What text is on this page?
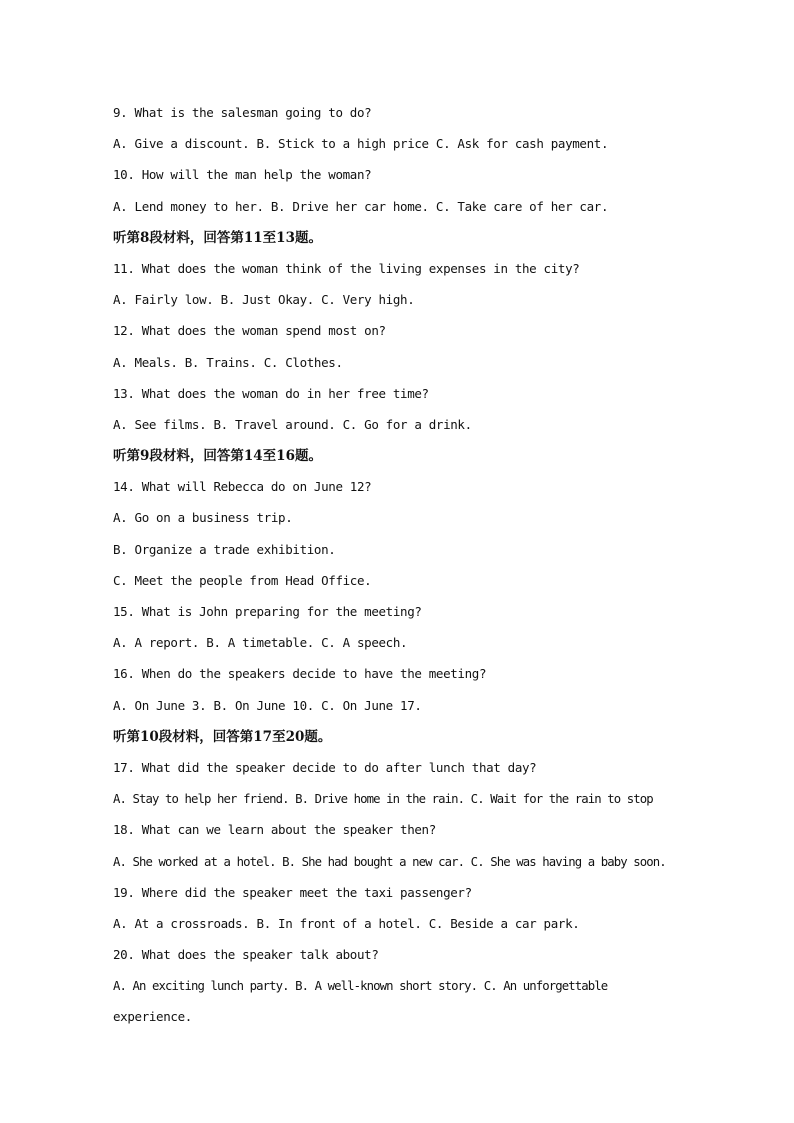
9. What is the salesman going to do?
A. Give a discount. B. Stick to a high price C. Ask for cash payment.
10. How will the man help the woman?
A. Lend money to her. B. Drive her car home. C. Take care of her car.
听第8段材料，回答第11至13题。
11. What does the woman think of the living expenses in the city?
A. Fairly low. B. Just Okay. C. Very high.
12. What does the woman spend most on?
A. Meals. B. Trains. C. Clothes.
13. What does the woman do in her free time?
A. See films. B. Travel around. C. Go for a drink.
听第9段材料，回答第14至16题。
14. What will Rebecca do on June 12?
A. Go on a business trip.
B. Organize a trade exhibition.
C. Meet the people from Head Office.
15. What is John preparing for the meeting?
A. A report. B. A timetable. C. A speech.
16. When do the speakers decide to have the meeting?
A. On June 3. B. On June 10. C. On June 17.
听第10段材料，回答第17至20题。
17. What did the speaker decide to do after lunch that day?
A. Stay to help her friend. B. Drive home in the rain. C. Wait for the rain to stop
18. What can we learn about the speaker then?
A. She worked at a hotel. B. She had bought a new car. C. She was having a baby soon.
19. Where did the speaker meet the taxi passenger?
A. At a crossroads. B. In front of a hotel. C. Beside a car park.
20. What does the speaker talk about?
A. An exciting lunch party. B. A well-known short story. C. An unforgettable
experience.
